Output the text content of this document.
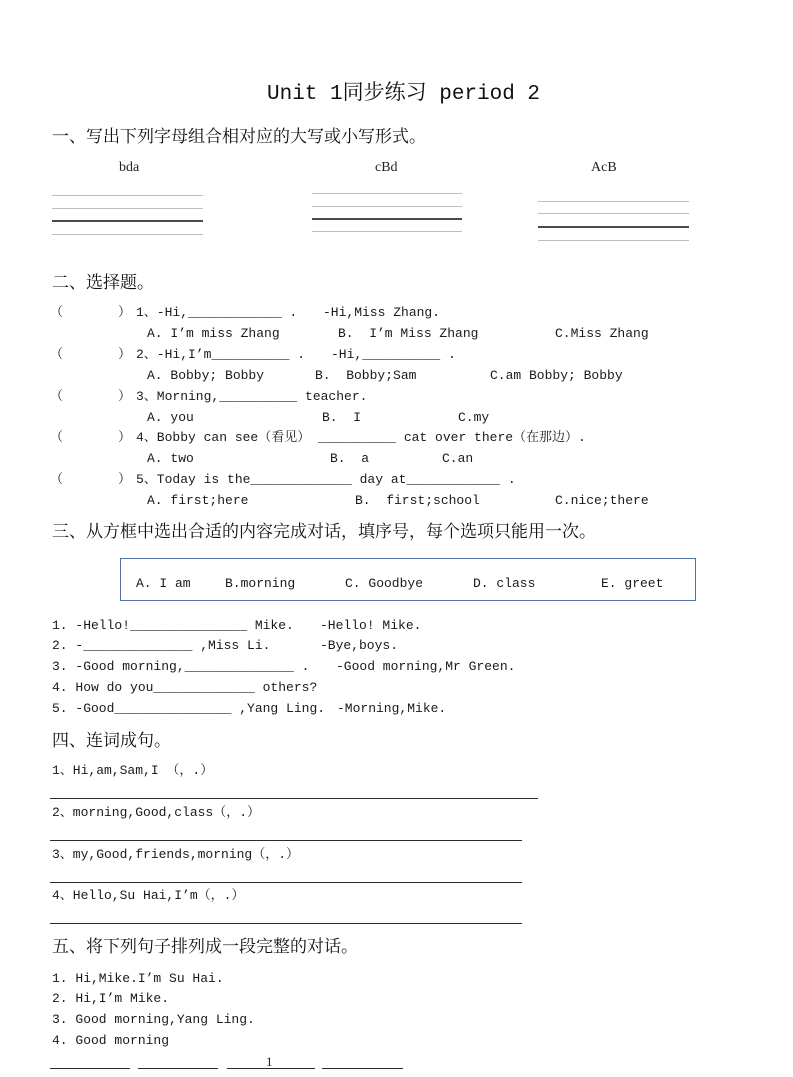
Unit 1同步练习 period 2
一、写出下列字母组合相对应的大写或小写形式。
bda	cBd	AcB
二、选择题。
（	） 1、-Hi,____________ . -Hi,Miss Zhang.
A. I’m miss Zhang	B.  I’m Miss Zhang	C.Miss Zhang
（	） 2、-Hi,I’m__________ . -Hi,__________ .
A. Bobby; Bobby	B.  Bobby;Sam	C.am Bobby; Bobby
（	） 3、Morning,__________ teacher.
A. you	B.  I	C.my
（	） 4、Bobby can see（看见） __________ cat over there（在那边）.
A. two	B.  a	C.an
（	） 5、Today is the_____________ day at____________ .
A. first;here	B.  first;school	C.nice;there
三、从方框中选出合适的内容完成对话，填序号，每个选项只能用一次。
A. I am	B.morning	C. Goodbye	D. class	E. greet
1. -Hello!_______________ Mike. -Hello! Mike.
2. -______________ ,Miss Li.	-Bye,boys.
3. -Good morning,______________ . -Good morning,Mr Green.
4. How do you_____________ others?
5. -Good_______________ ,Yang Ling. -Morning,Mike.
四、连词成句。
1、Hi,am,Sam,I （，.）
2、morning,Good,class（，.）
3、my,Good,friends,morning（，.）
4、Hello,Su Hai,I’m（，.）
五、将下列句子排列成一段完整的对话。
1. Hi,Mike.I’m Su Hai.
2. Hi,I’m Mike.
3. Good morning,Yang Ling.
4. Good morning
1
